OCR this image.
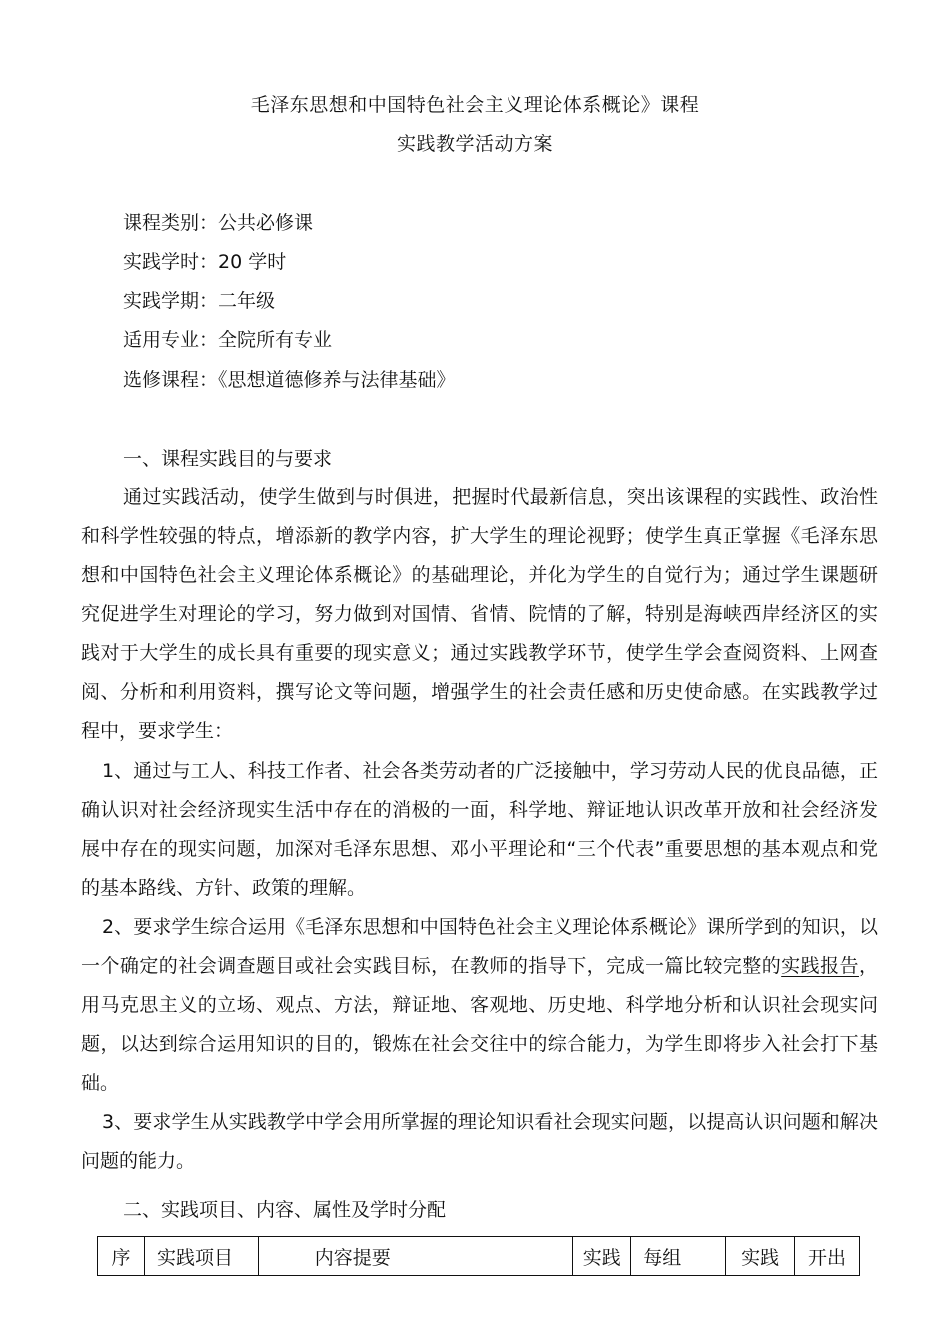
毛泽东思想和中国特色社会主义理论体系概论》课程
实践教学活动方案
课程类别：公共必修课
实践学时：20 学时
实践学期：二年级
适用专业：全院所有专业
选修课程：《思想道德修养与法律基础》
一、课程实践目的与要求
通过实践活动，使学生做到与时俱进，把握时代最新信息，突出该课程的实践性、政治性和科学性较强的特点，增添新的教学内容，扩大学生的理论视野；使学生真正掌握《毛泽东思想和中国特色社会主义理论体系概论》的基础理论，并化为学生的自觉行为；通过学生课题研究促进学生对理论的学习，努力做到对国情、省情、院情的了解，特别是海峡西岸经济区的实践对于大学生的成长具有重要的现实意义；通过实践教学环节，使学生学会查阅资料、上网查阅、分析和利用资料，撰写论文等问题，增强学生的社会责任感和历史使命感。在实践教学过程中，要求学生：
1、通过与工人、科技工作者、社会各类劳动者的广泛接触中，学习劳动人民的优良品德，正确认识对社会经济现实生活中存在的消极的一面，科学地、辩证地认识改革开放和社会经济发展中存在的现实问题，加深对毛泽东思想、邓小平理论和“三个代表”重要思想的基本观点和党的基本路线、方针、政策的理解。
2、要求学生综合运用《毛泽东思想和中国特色社会主义理论体系概论》课所学到的知识，以一个确定的社会调查题目或社会实践目标，在教师的指导下，完成一篇比较完整的实践报告，用马克思主义的立场、观点、方法，辩证地、客观地、历史地、科学地分析和认识社会现实问题，以达到综合运用知识的目的，锻炼在社会交往中的综合能力，为学生即将步入社会打下基础。
3、要求学生从实践教学中学会用所掌握的理论知识看社会现实问题，以提高认识问题和解决问题的能力。
二、实践项目、内容、属性及学时分配
序	实践项目	内容提要	实践	每组	实践	开出
